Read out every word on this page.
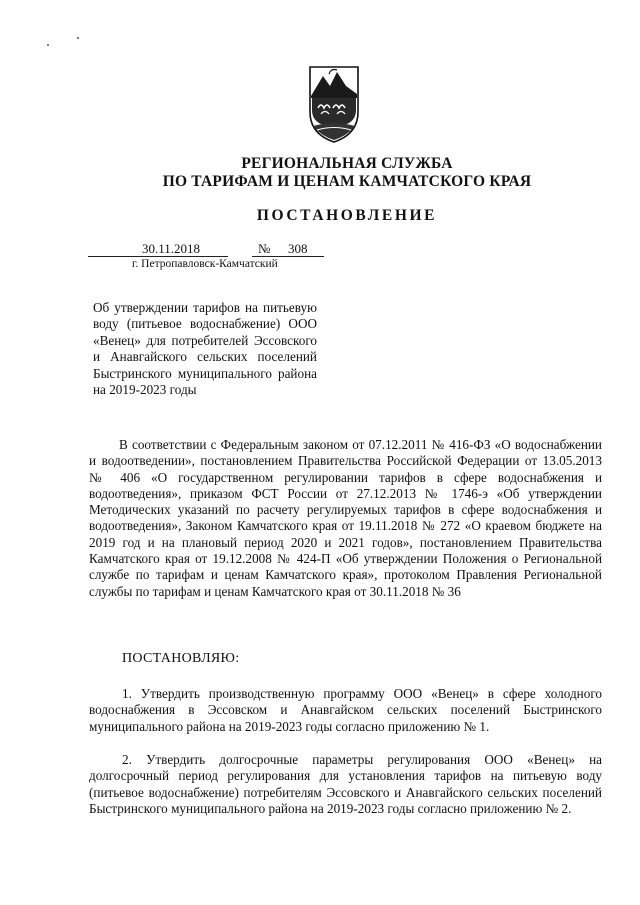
РЕГИОНАЛЬНАЯ СЛУЖБА
ПО ТАРИФАМ И ЦЕНАМ КАМЧАТСКОГО КРАЯ
ПОСТАНОВЛЕНИЕ
30.11.2018	№ 308
г. Петропавловск-Камчатский
Об утверждении тарифов на питьевую воду (питьевое водоснабжение) ООО «Венец» для потребителей Эссовского и Анавгайского сельских поселений Быстринского муниципального района на 2019-2023 годы
В соответствии с Федеральным законом от 07.12.2011 № 416-ФЗ «О водоснабжении и водоотведении», постановлением Правительства Российской Федерации от 13.05.2013 № 406 «О государственном регулировании тарифов в сфере водоснабжения и водоотведения», приказом ФСТ России от 27.12.2013 № 1746-э «Об утверждении Методических указаний по расчету регулируемых тарифов в сфере водоснабжения и водоотведения», Законом Камчатского края от 19.11.2018 № 272 «О краевом бюджете на 2019 год и на плановый период 2020 и 2021 годов», постановлением Правительства Камчатского края от 19.12.2008 № 424-П «Об утверждении Положения о Региональной службе по тарифам и ценам Камчатского края», протоколом Правления Региональной службы по тарифам и ценам Камчатского края от 30.11.2018 № 36
ПОСТАНОВЛЯЮ:
1. Утвердить производственную программу ООО «Венец» в сфере холодного водоснабжения в Эссовском и Анавгайском сельских поселений Быстринского муниципального района на 2019-2023 годы согласно приложению № 1.
2. Утвердить долгосрочные параметры регулирования ООО «Венец» на долгосрочный период регулирования для установления тарифов на питьевую воду (питьевое водоснабжение) потребителям Эссовского и Анавгайского сельских поселений Быстринского муниципального района на 2019-2023 годы согласно приложению № 2.
